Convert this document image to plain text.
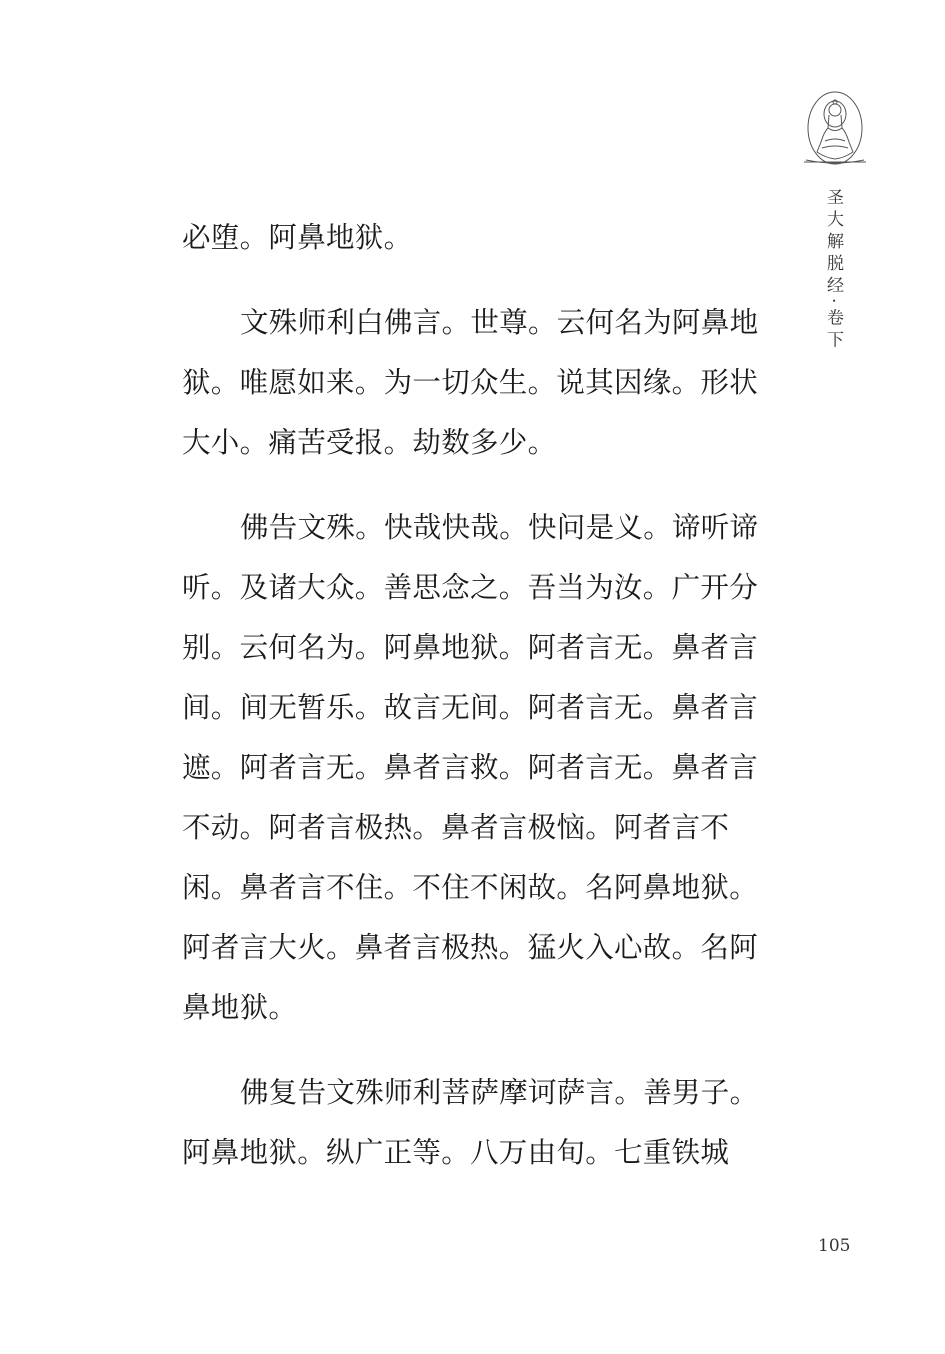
圣大解脱经·卷下
必堕。阿鼻地狱。
文殊师利白佛言。世尊。云何名为阿鼻地
狱。唯愿如来。为一切众生。说其因缘。形状
大小。痛苦受报。劫数多少。
佛告文殊。快哉快哉。快问是义。谛听谛
听。及诸大众。善思念之。吾当为汝。广开分
别。云何名为。阿鼻地狱。阿者言无。鼻者言
间。间无暂乐。故言无间。阿者言无。鼻者言
遮。阿者言无。鼻者言救。阿者言无。鼻者言
不动。阿者言极热。鼻者言极恼。阿者言不
闲。鼻者言不住。不住不闲故。名阿鼻地狱。
阿者言大火。鼻者言极热。猛火入心故。名阿
鼻地狱。
佛复告文殊师利菩萨摩诃萨言。善男子。
阿鼻地狱。纵广正等。八万由旬。七重铁城
105
